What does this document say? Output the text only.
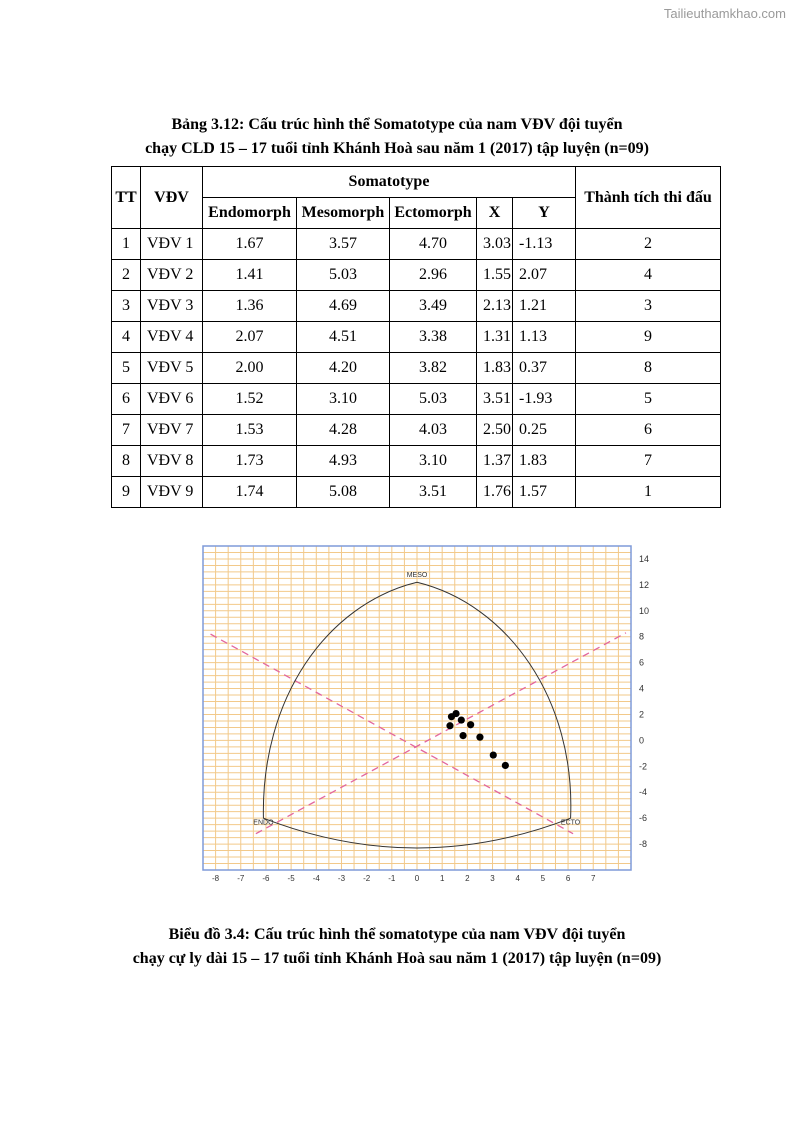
Tailieuthamkhao.com
Bảng 3.12: Cấu trúc hình thể Somatotype của nam VĐV đội tuyển
chạy CLD 15 – 17 tuổi tỉnh Khánh Hoà sau năm 1 (2017) tập luyện (n=09)
TT	VĐV	Somatotype					Thành tích thi đấu
		Endomorph	Mesomorph	Ectomorph	X	Y	
1	VĐV 1	1.67	3.57	4.70	3.03	-1.13	2
2	VĐV 2	1.41	5.03	2.96	1.55	2.07	4
3	VĐV 3	1.36	4.69	3.49	2.13	1.21	3
4	VĐV 4	2.07	4.51	3.38	1.31	1.13	9
5	VĐV 5	2.00	4.20	3.82	1.83	0.37	8
6	VĐV 6	1.52	3.10	5.03	3.51	-1.93	5
7	VĐV 7	1.53	4.28	4.03	2.50	0.25	6
8	VĐV 8	1.73	4.93	3.10	1.37	1.83	7
9	VĐV 9	1.74	5.08	3.51	1.76	1.57	1
MESO
ENDO	ECTO
-8 -7 -6 -5 -4 -3 -2 -1 0	1	2	3	4	5	6	7
14
12
10
8
6
4
2
0
-2
-4
-6
-8
Biểu đồ 3.4: Cấu trúc hình thể somatotype của nam VĐV đội tuyển
chạy cự ly dài 15 – 17 tuổi tỉnh Khánh Hoà sau năm 1 (2017) tập luyện (n=09)
